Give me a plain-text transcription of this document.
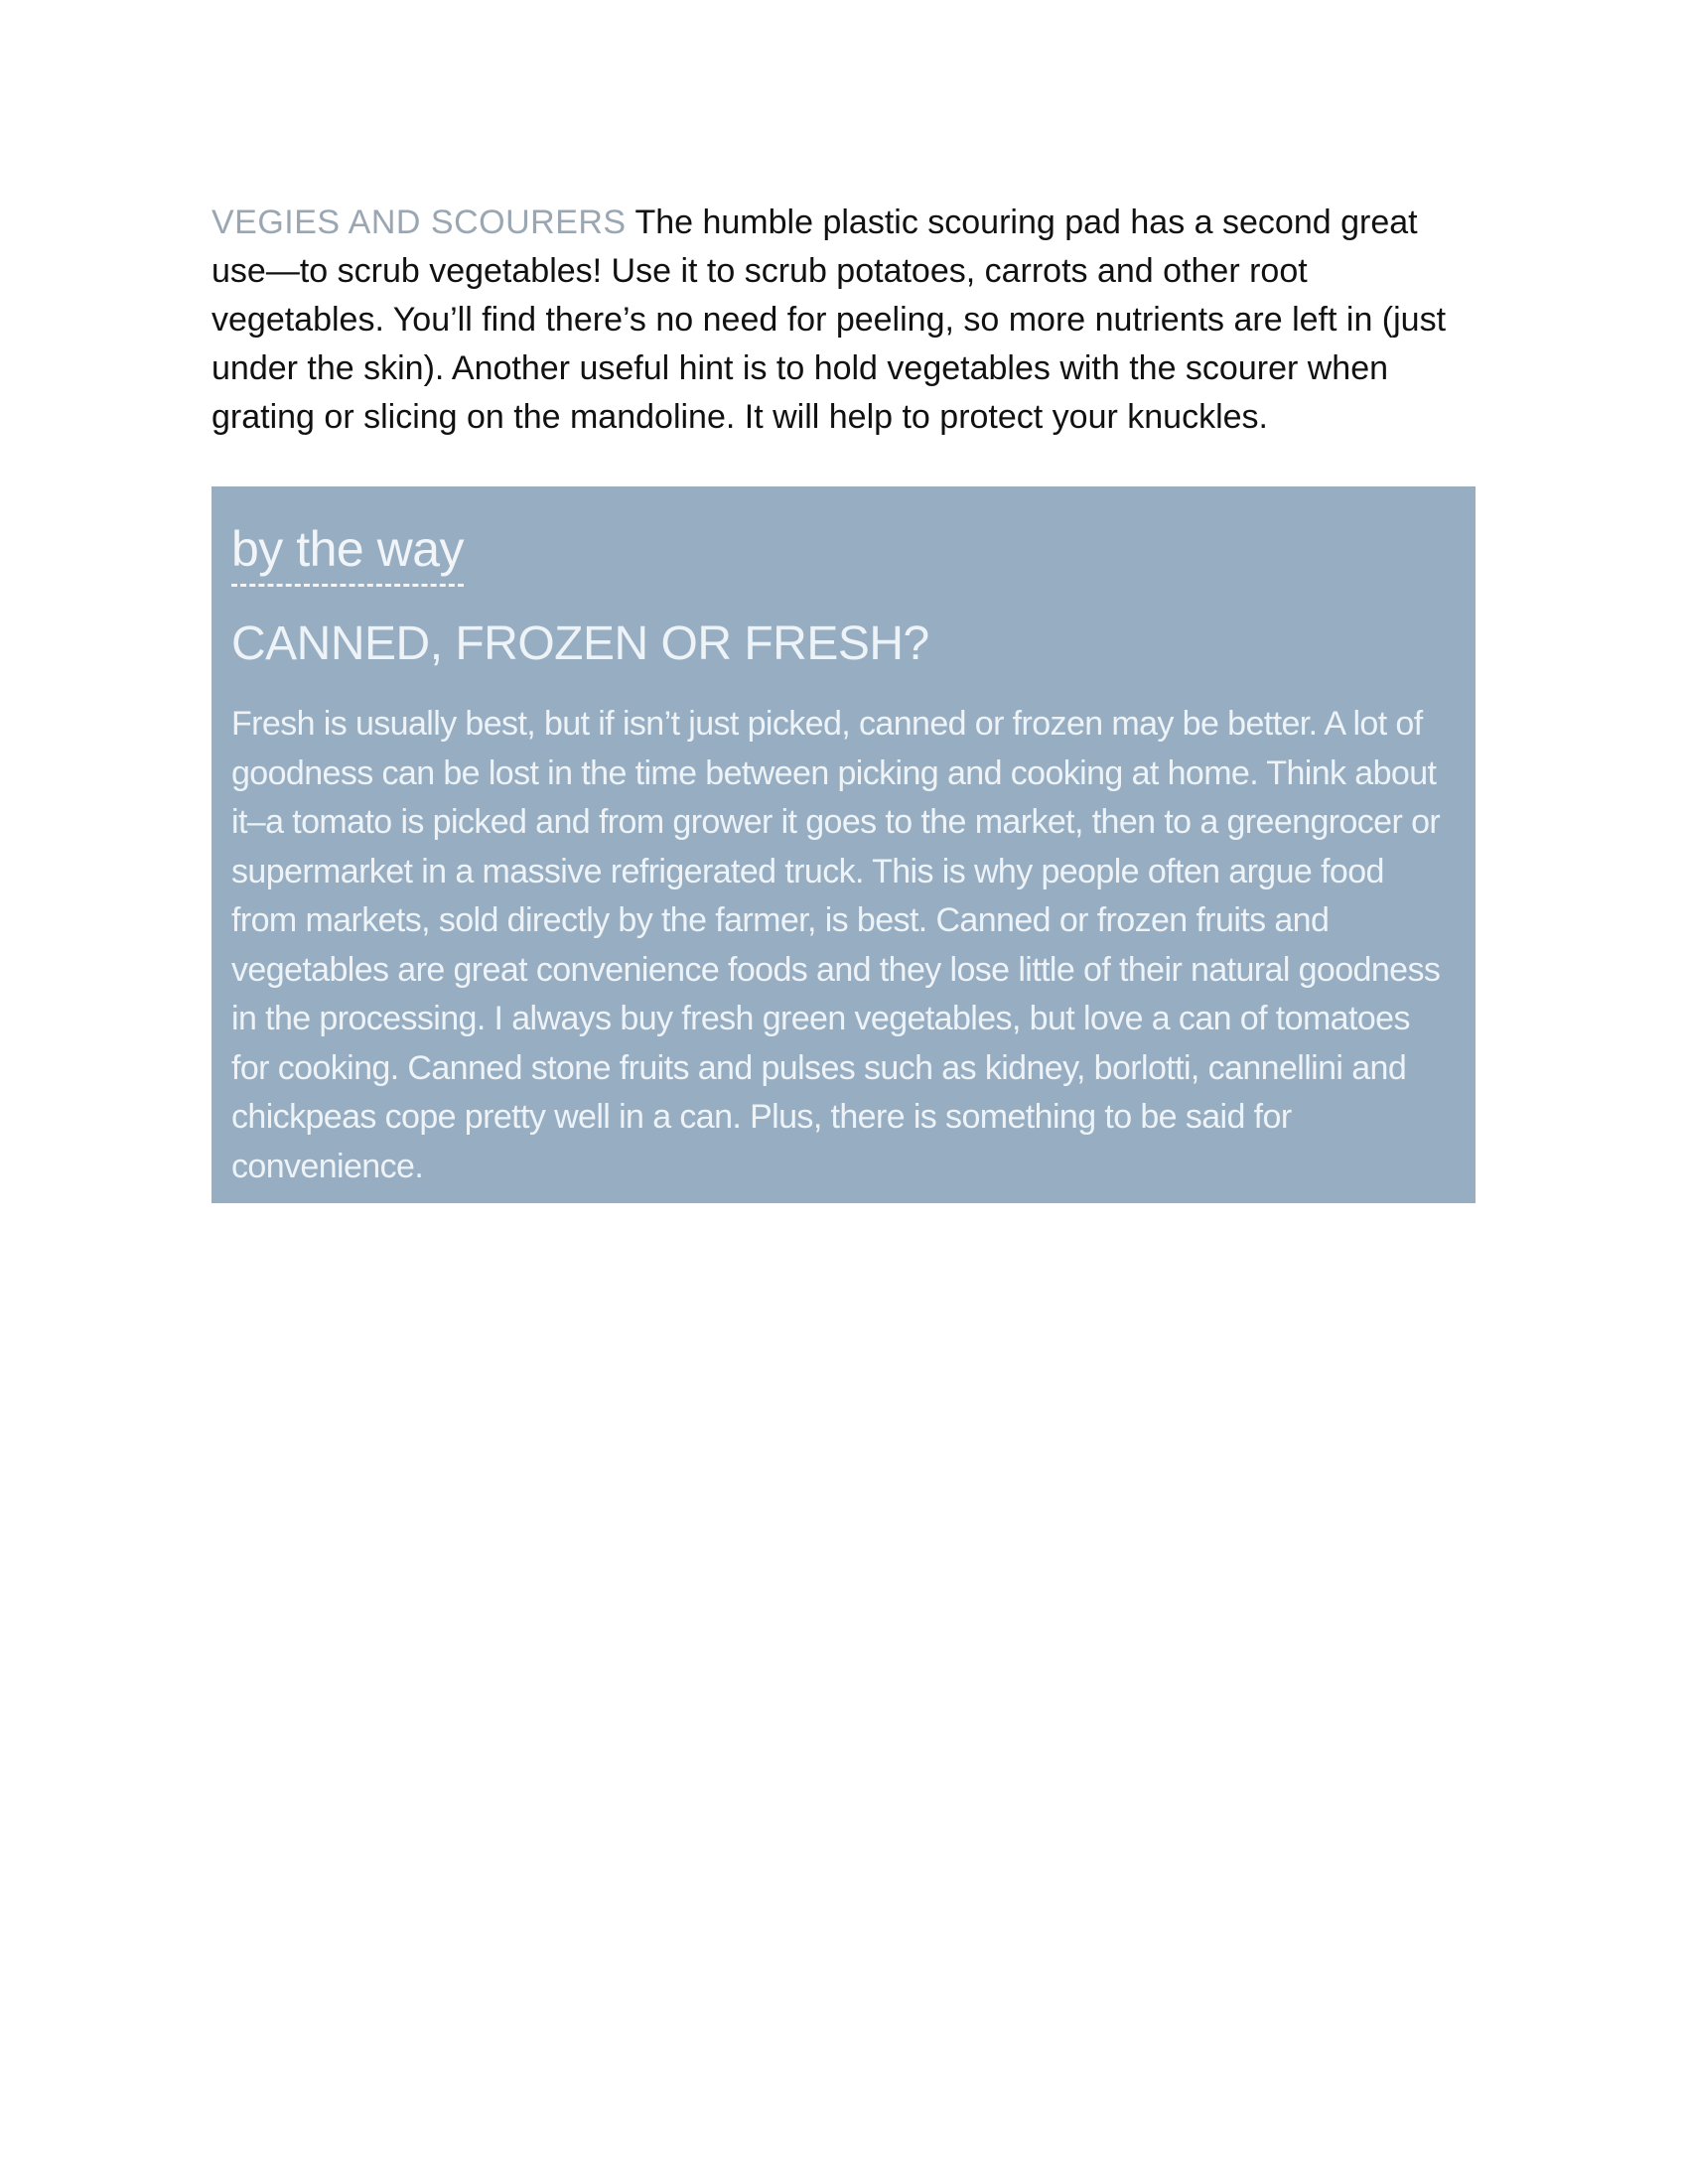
VEGIES AND SCOURERS The humble plastic scouring pad has a second great use—to scrub vegetables! Use it to scrub potatoes, carrots and other root vegetables. You’ll find there’s no need for peeling, so more nutrients are left in (just under the skin). Another useful hint is to hold vegetables with the scourer when grating or slicing on the mandoline. It will help to protect your knuckles.

by the way
CANNED, FROZEN OR FRESH?

Fresh is usually best, but if isn’t just picked, canned or frozen may be better. A lot of goodness can be lost in the time between picking and cooking at home. Think about it–a tomato is picked and from grower it goes to the market, then to a greengrocer or supermarket in a massive refrigerated truck. This is why people often argue food from markets, sold directly by the farmer, is best. Canned or frozen fruits and vegetables are great convenience foods and they lose little of their natural goodness in the processing. I always buy fresh green vegetables, but love a can of tomatoes for cooking. Canned stone fruits and pulses such as kidney, borlotti, cannellini and chickpeas cope pretty well in a can. Plus, there is something to be said for convenience.
